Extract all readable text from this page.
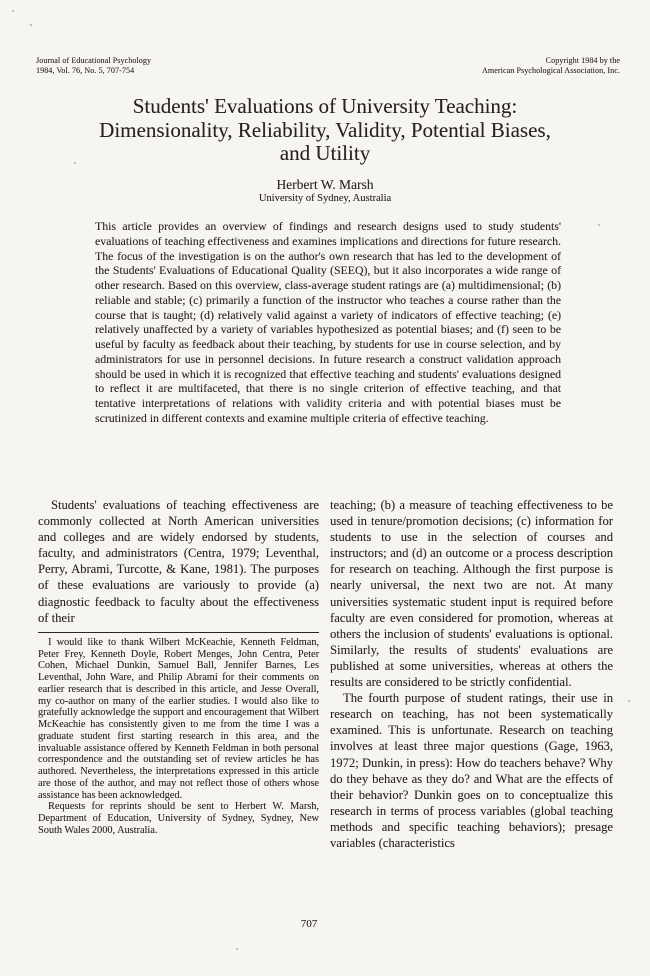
Journal of Educational Psychology
1984, Vol. 76, No. 5, 707-754
Copyright 1984 by the
American Psychological Association, Inc.
Students' Evaluations of University Teaching:
Dimensionality, Reliability, Validity, Potential Biases,
and Utility
Herbert W. Marsh
University of Sydney, Australia
This article provides an overview of findings and research designs used to study students' evaluations of teaching effectiveness and examines implications and directions for future research. The focus of the investigation is on the author's own research that has led to the development of the Students' Evaluations of Educational Quality (SEEQ), but it also incorporates a wide range of other research. Based on this overview, class-average student ratings are (a) multidimensional; (b) reliable and stable; (c) primarily a function of the instructor who teaches a course rather than the course that is taught; (d) relatively valid against a variety of indicators of effective teaching; (e) relatively unaffected by a variety of variables hypothesized as potential biases; and (f) seen to be useful by faculty as feedback about their teaching, by students for use in course selection, and by administrators for use in personnel decisions. In future research a construct validation approach should be used in which it is recognized that effective teaching and students' evaluations designed to reflect it are multifaceted, that there is no single criterion of effective teaching, and that tentative interpretations of relations with validity criteria and with potential biases must be scrutinized in different contexts and examine multiple criteria of effective teaching.

Students' evaluations of teaching effectiveness are commonly collected at North American universities and colleges and are widely endorsed by students, faculty, and administrators (Centra, 1979; Leventhal, Perry, Abrami, Turcotte, & Kane, 1981). The purposes of these evaluations are variously to provide (a) diagnostic feedback to faculty about the effectiveness of their

I would like to thank Wilbert McKeachie, Kenneth Feldman, Peter Frey, Kenneth Doyle, Robert Menges, John Centra, Peter Cohen, Michael Dunkin, Samuel Ball, Jennifer Barnes, Les Leventhal, John Ware, and Philip Abrami for their comments on earlier research that is described in this article, and Jesse Overall, my co-author on many of the earlier studies. I would also like to gratefully acknowledge the support and encouragement that Wilbert McKeachie has consistently given to me from the time I was a graduate student first starting research in this area, and the invaluable assistance offered by Kenneth Feldman in both personal correspondence and the outstanding set of review articles he has authored. Nevertheless, the interpretations expressed in this article are those of the author, and may not reflect those of others whose assistance has been acknowledged.

Requests for reprints should be sent to Herbert W. Marsh, Department of Education, University of Sydney, Sydney, New South Wales 2000, Australia.

teaching; (b) a measure of teaching effectiveness to be used in tenure/promotion decisions; (c) information for students to use in the selection of courses and instructors; and (d) an outcome or a process description for research on teaching. Although the first purpose is nearly universal, the next two are not. At many universities systematic student input is required before faculty are even considered for promotion, whereas at others the inclusion of students' evaluations is optional. Similarly, the results of students' evaluations are published at some universities, whereas at others the results are considered to be strictly confidential.

The fourth purpose of student ratings, their use in research on teaching, has not been systematically examined. This is unfortunate. Research on teaching involves at least three major questions (Gage, 1963, 1972; Dunkin, in press): How do teachers behave? Why do they behave as they do? and What are the effects of their behavior? Dunkin goes on to conceptualize this research in terms of process variables (global teaching methods and specific teaching behaviors); presage variables (characteristics

707
